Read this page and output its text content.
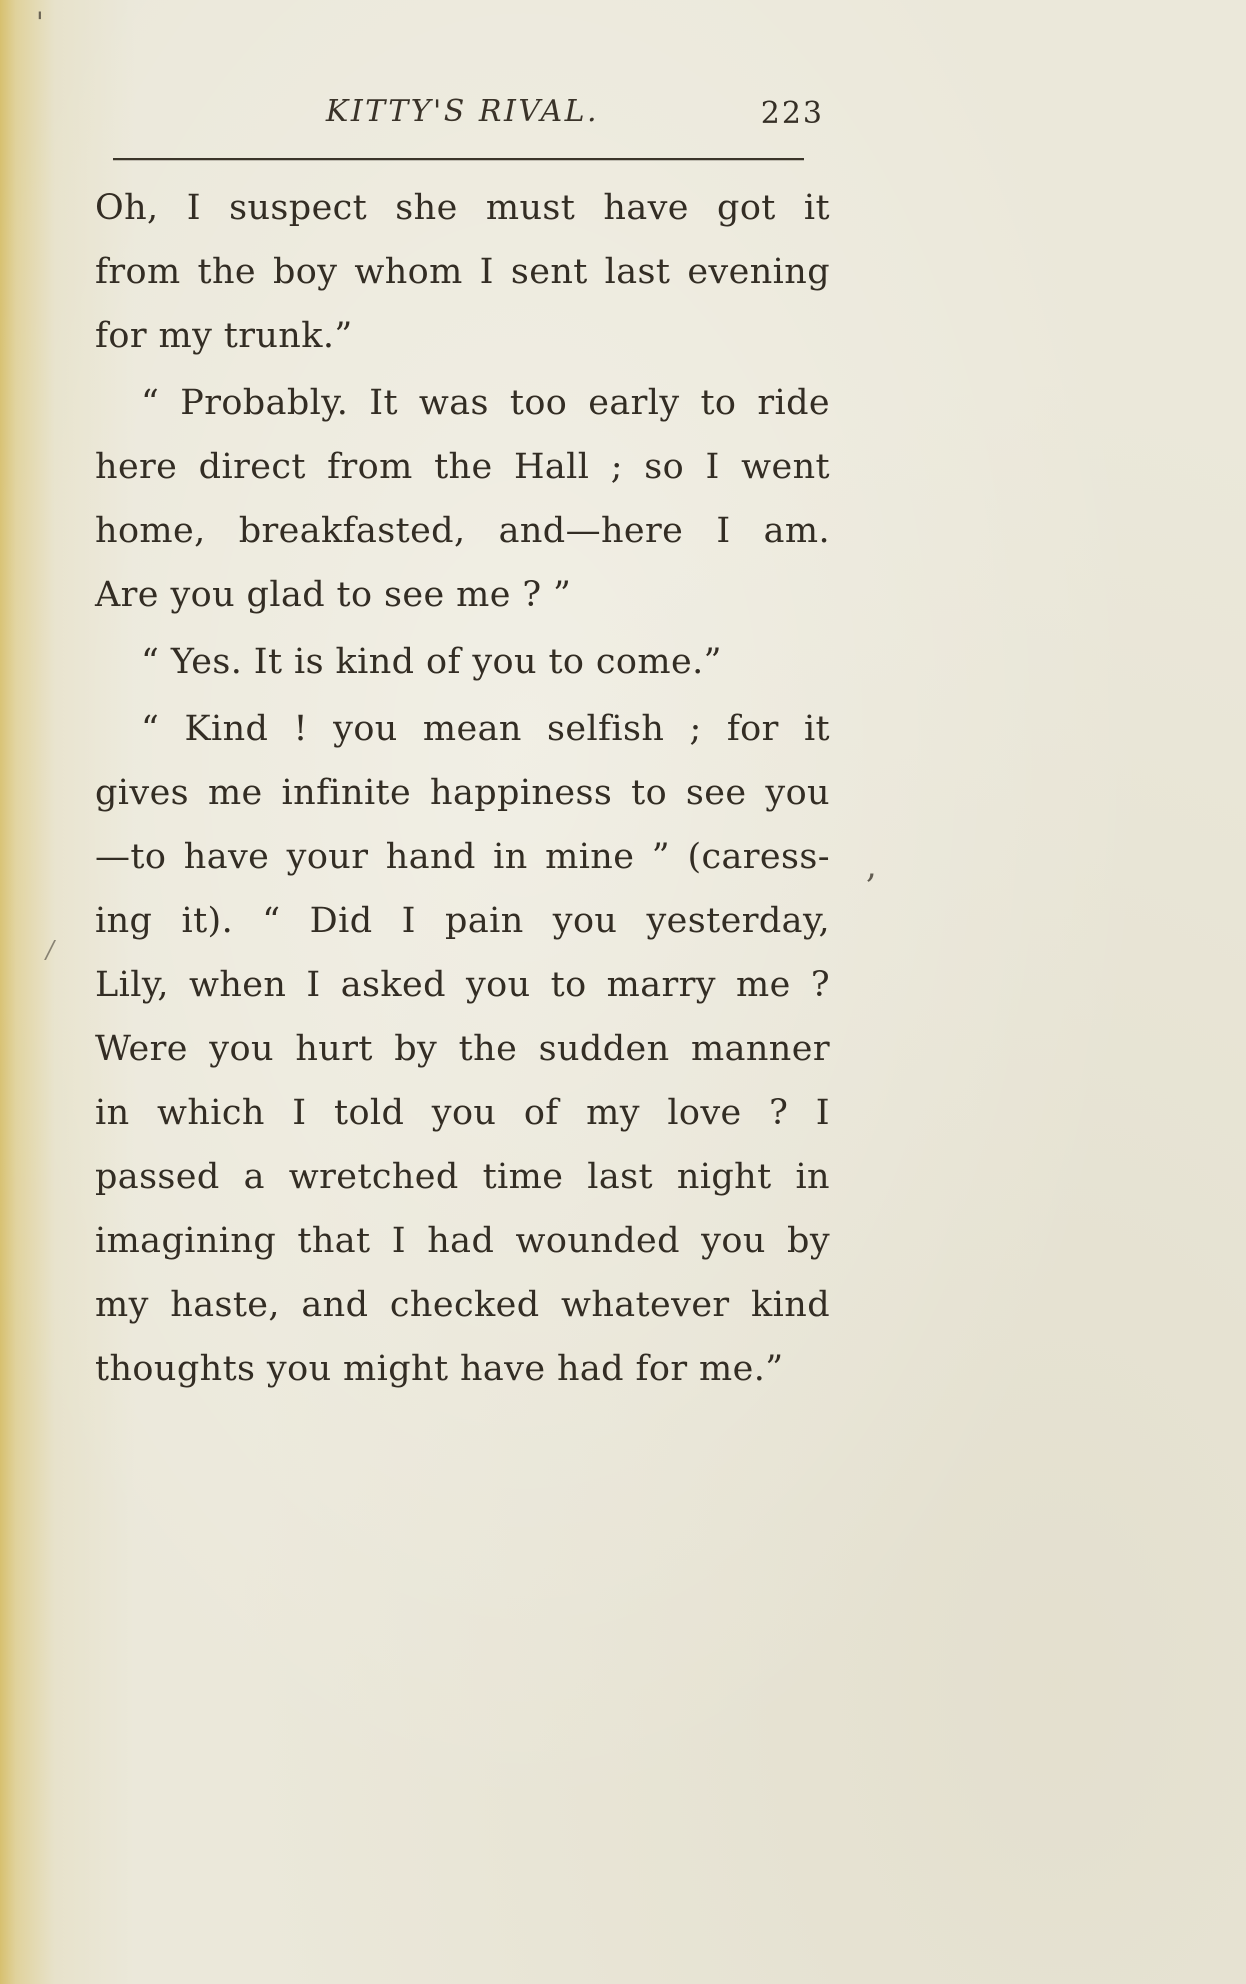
'
,
/
KITTY'S RIVAL.	223
Oh, I suspect she must have got it
from the boy whom I sent last evening
for my trunk.”
“ Probably. It was too early to ride
here direct from the Hall ; so I went
home, breakfasted, and—here I am.
Are you glad to see me ? ”
“ Yes. It is kind of you to come.”
“ Kind ! you mean selfish ; for it
gives me infinite happiness to see you
—to have your hand in mine ” (caress-
ing it). “ Did I pain you yesterday,
Lily, when I asked you to marry me ?
Were you hurt by the sudden manner
in which I told you of my love ? I
passed a wretched time last night in
imagining that I had wounded you by
my haste, and checked whatever kind
thoughts you might have had for me.”
